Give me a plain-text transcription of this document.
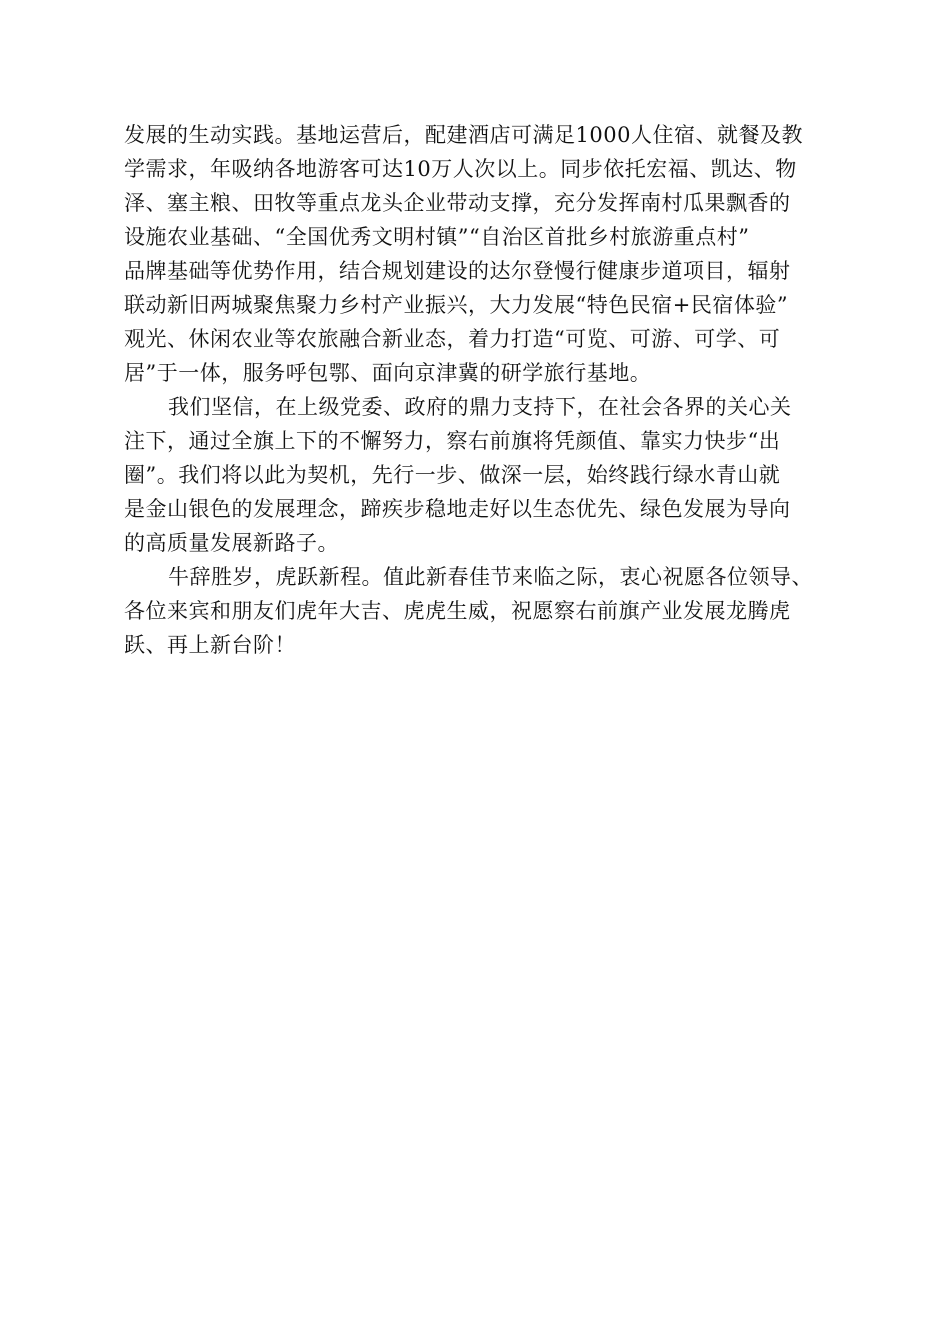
发展的生动实践。基地运营后，配建酒店可满足1000人住宿、就餐及教
学需求，年吸纳各地游客可达10万人次以上。同步依托宏福、凯达、物
泽、塞主粮、田牧等重点龙头企业带动支撑，充分发挥南村瓜果飘香的
设施农业基础、“全国优秀文明村镇”“自治区首批乡村旅游重点村”
品牌基础等优势作用，结合规划建设的达尔登慢行健康步道项目，辐射
联动新旧两城聚焦聚力乡村产业振兴，大力发展“特色民宿+民宿体验”
观光、休闲农业等农旅融合新业态，着力打造“可览、可游、可学、可
居”于一体，服务呼包鄂、面向京津冀的研学旅行基地。
我们坚信，在上级党委、政府的鼎力支持下，在社会各界的关心关
注下，通过全旗上下的不懈努力，察右前旗将凭颜值、靠实力快步“出
圈”。我们将以此为契机，先行一步、做深一层，始终践行绿水青山就
是金山银色的发展理念，蹄疾步稳地走好以生态优先、绿色发展为导向
的高质量发展新路子。
牛辞胜岁，虎跃新程。值此新春佳节来临之际，衷心祝愿各位领导、
各位来宾和朋友们虎年大吉、虎虎生威，祝愿察右前旗产业发展龙腾虎
跃、再上新台阶！
